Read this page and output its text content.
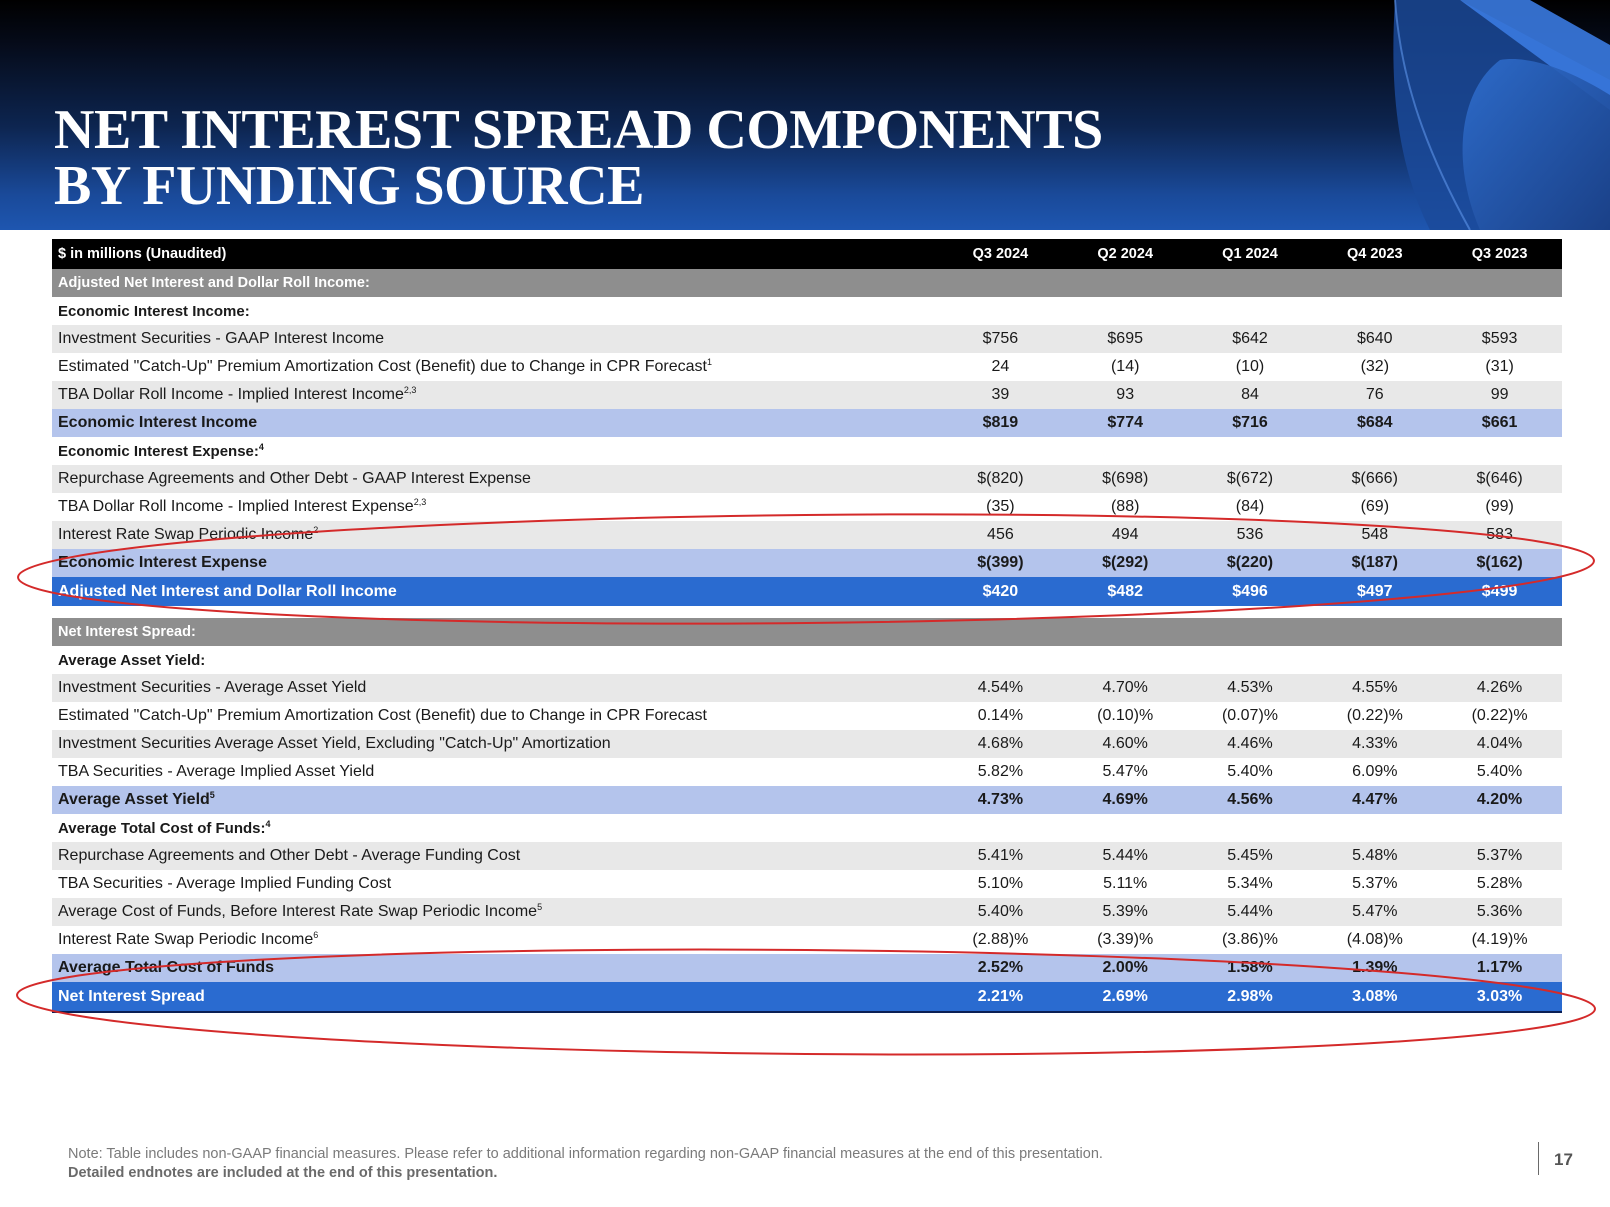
NET INTEREST SPREAD COMPONENTS
BY FUNDING SOURCE
$ in millions (Unaudited)	Q3 2024	Q2 2024	Q1 2024	Q4 2023	Q3 2023
Adjusted Net Interest and Dollar Roll Income:					
Economic Interest Income:					
Investment Securities - GAAP Interest Income	$756	$695	$642	$640	$593
Estimated "Catch-Up" Premium Amortization Cost (Benefit) due to Change in CPR Forecast$^1$	24	(14)	(10)	(32)	(31)
TBA Dollar Roll Income - Implied Interest Income$^{2,3}$	39	93	84	76	99
Economic Interest Income	$819	$774	$716	$684	$661
Economic Interest Expense:$^4$
Repurchase Agreements and Other Debt - GAAP Interest Expense	$(820)	$(698)	$(672)	$(666)	$(646)
TBA Dollar Roll Income - Implied Interest Expense$^{2,3}$	(35)	(88)	(84)	(69)	(99)
Interest Rate Swap Periodic Income$^2$	456	494	536	548	583
Economic Interest Expense	$(399)	$(292)	$(220)	$(187)	$(162)
Adjusted Net Interest and Dollar Roll Income	$420	$482	$496	$497	$499

Net Interest Spread:					
Average Asset Yield:					
Investment Securities - Average Asset Yield	4.54%	4.70%	4.53%	4.55%	4.26%
Estimated "Catch-Up" Premium Amortization Cost (Benefit) due to Change in CPR Forecast	0.14%	(0.10)%	(0.07)%	(0.22)%	(0.22)%
Investment Securities Average Asset Yield, Excluding "Catch-Up" Amortization	4.68%	4.60%	4.46%	4.33%	4.04%
TBA Securities - Average Implied Asset Yield	5.82%	5.47%	5.40%	6.09%	5.40%
Average Asset Yield$^5$	4.73%	4.69%	4.56%	4.47%	4.20%
Average Total Cost of Funds:$^4$
Repurchase Agreements and Other Debt - Average Funding Cost	5.41%	5.44%	5.45%	5.48%	5.37%
TBA Securities - Average Implied Funding Cost	5.10%	5.11%	5.34%	5.37%	5.28%
Average Cost of Funds, Before Interest Rate Swap Periodic Income$^5$	5.40%	5.39%	5.44%	5.47%	5.36%
Interest Rate Swap Periodic Income$^6$	(2.88)%	(3.39)%	(3.86)%	(4.08)%	(4.19)%
Average Total Cost of Funds	2.52%	2.00%	1.58%	1.39%	1.17%
Net Interest Spread	2.21%	2.69%	2.98%	3.08%	3.03%
Note: Table includes non-GAAP financial measures. Please refer to additional information regarding non-GAAP financial measures at the end of this presentation.
Detailed endnotes are included at the end of this presentation.
17
